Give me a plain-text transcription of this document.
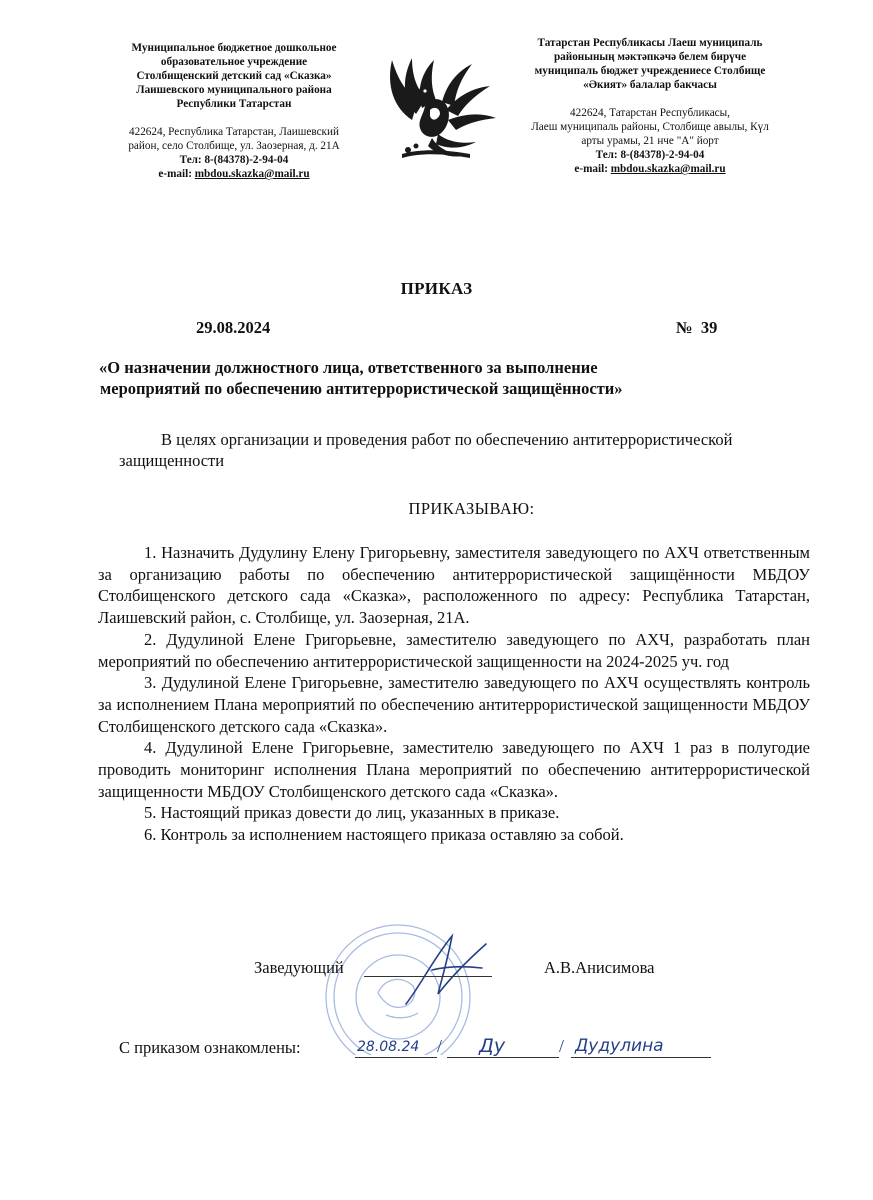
Муниципальное бюджетное дошкольное
образовательное учреждение
Столбищенский детский сад «Сказка»
Лаишевского муниципального района
Республики Татарстан
422624, Республика Татарстан, Лаишевский
район, село Столбище, ул. Заозерная, д. 21А
Тел: 8-(84378)-2-94-04
e-mail: mbdou.skazka@mail.ru
Татарстан Республикасы Лаеш муниципаль
районының мәктәпкәчә белем бирүче
муниципаль бюджет учреждениесе Столбище
«Әкият» балалар бакчасы
422624, Татарстан Республикасы,
Лаеш муниципаль районы, Столбище авылы, Күл
арты урамы, 21 нче "А" йорт
Тел: 8-(84378)-2-94-04
e-mail: mbdou.skazka@mail.ru
ПРИКАЗ
29.08.2024	№  39
«О назначении должностного лица, ответственного за выполнение
мероприятий по обеспечению антитеррористической защищённости»
В целях организации и проведения работ по обеспечению антитеррористической защищенности
ПРИКАЗЫВАЮ:

1. Назначить Дудулину Елену Григорьевну, заместителя заведующего по АХЧ ответственным за организацию работы по обеспечению антитеррористической защищённости МБДОУ Столбищенского детского сада «Сказка», расположенного по адресу: Республика Татарстан, Лаишевский район, с. Столбище, ул. Заозерная, 21А.

2. Дудулиной Елене Григорьевне, заместителю заведующего по АХЧ, разработать план мероприятий по обеспечению антитеррористической защищенности на 2024-2025 уч. год

3. Дудулиной Елене Григорьевне, заместителю заведующего по АХЧ осуществлять контроль за исполнением Плана мероприятий по обеспечению антитеррористической защищенности МБДОУ Столбищенского детского сада «Сказка».

4. Дудулиной Елене Григорьевне, заместителю заведующего по АХЧ 1 раз в полугодие проводить мониторинг исполнения Плана мероприятий по обеспечению антитеррористической защищенности МБДОУ Столбищенского детского сада «Сказка».

5. Настоящий приказ довести до лиц, указанных в приказе.

6. Контроль за исполнением настоящего приказа оставляю за собой.

Заведующий	А.В.Анисимова
С приказом ознакомлены:	28.08.24 / Ду	/ Дудулина
